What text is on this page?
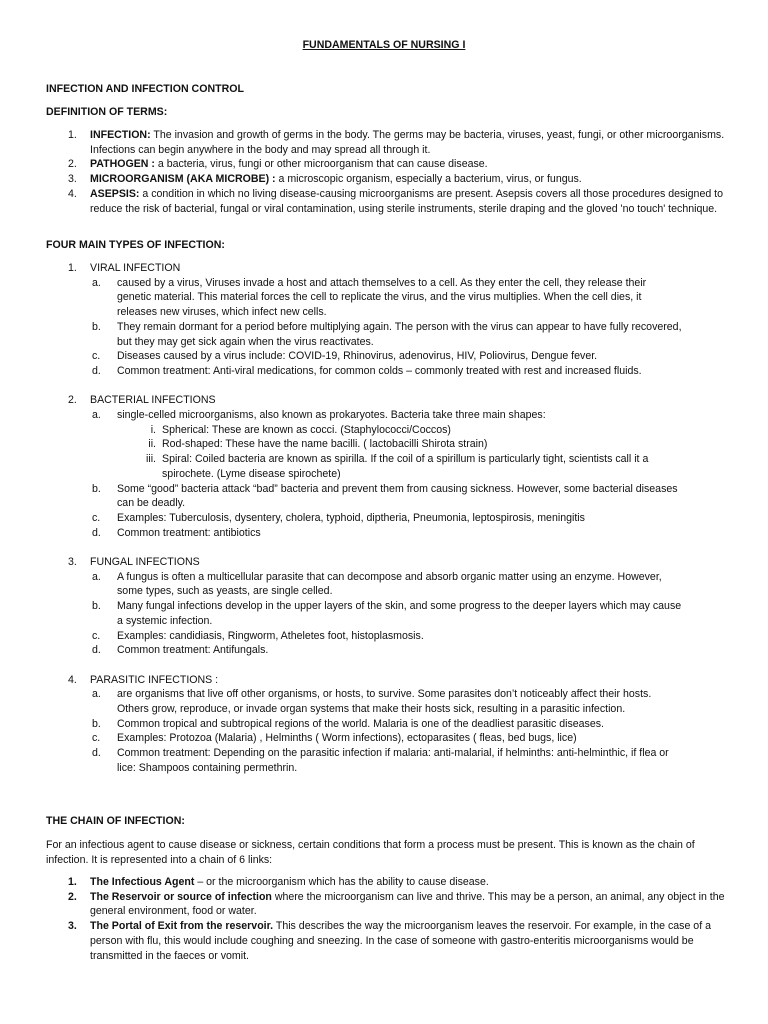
FUNDAMENTALS OF NURSING I
INFECTION AND INFECTION CONTROL
DEFINITION OF TERMS:
1. INFECTION: The invasion and growth of germs in the body. The germs may be bacteria, viruses, yeast, fungi, or other microorganisms. Infections can begin anywhere in the body and may spread all through it.
2. PATHOGEN : a bacteria, virus, fungi or other microorganism that can cause disease.
3. MICROORGANISM (AKA MICROBE) : a microscopic organism, especially a bacterium, virus, or fungus.
4. ASEPSIS: a condition in which no living disease-causing microorganisms are present. Asepsis covers all those procedures designed to reduce the risk of bacterial, fungal or viral contamination, using sterile instruments, sterile draping and the gloved 'no touch' technique.
FOUR MAIN TYPES OF INFECTION:
1. VIRAL INFECTION
a. caused by a virus, Viruses invade a host and attach themselves to a cell. As they enter the cell, they release their genetic material. This material forces the cell to replicate the virus, and the virus multiplies. When the cell dies, it releases new viruses, which infect new cells.
b. They remain dormant for a period before multiplying again. The person with the virus can appear to have fully recovered, but they may get sick again when the virus reactivates.
c. Diseases caused by a virus include: COVID-19, Rhinovirus, adenovirus, HIV, Poliovirus, Dengue fever.
d. Common treatment: Anti-viral medications, for common colds – commonly treated with rest and increased fluids.
2. BACTERIAL INFECTIONS
a. single-celled microorganisms, also known as prokaryotes. Bacteria take three main shapes:
i. Spherical: These are known as cocci. (Staphylococci/Coccos)
ii. Rod-shaped: These have the name bacilli. ( lactobacilli Shirota strain)
iii. Spiral: Coiled bacteria are known as spirilla. If the coil of a spirillum is particularly tight, scientists call it a spirochete. (Lyme disease spirochete)
b. Some “good” bacteria attack “bad” bacteria and prevent them from causing sickness. However, some bacterial diseases can be deadly.
c. Examples: Tuberculosis, dysentery, cholera, typhoid, diptheria, Pneumonia, leptospirosis, meningitis
d. Common treatment: antibiotics
3. FUNGAL INFECTIONS
a. A fungus is often a multicellular parasite that can decompose and absorb organic matter using an enzyme. However, some types, such as yeasts, are single celled.
b. Many fungal infections develop in the upper layers of the skin, and some progress to the deeper layers which may cause a systemic infection.
c. Examples: candidiasis, Ringworm, Atheletes foot, histoplasmosis.
d. Common treatment: Antifungals.
4. PARASITIC INFECTIONS :
a. are organisms that live off other organisms, or hosts, to survive. Some parasites don’t noticeably affect their hosts. Others grow, reproduce, or invade organ systems that make their hosts sick, resulting in a parasitic infection.
b. Common tropical and subtropical regions of the world. Malaria is one of the deadliest parasitic diseases.
c. Examples: Protozoa (Malaria) , Helminths ( Worm infections), ectoparasites ( fleas, bed bugs, lice)
d. Common treatment: Depending on the parasitic infection if malaria: anti-malarial, if helminths: anti-helminthic, if flea or lice: Shampoos containing permethrin.
THE CHAIN OF INFECTION:
For an infectious agent to cause disease or sickness, certain conditions that form a process must be present. This is known as the chain of infection. It is represented into a chain of 6 links:
1. The Infectious Agent – or the microorganism which has the ability to cause disease.
2. The Reservoir or source of infection where the microorganism can live and thrive. This may be a person, an animal, any object in the general environment, food or water.
3. The Portal of Exit from the reservoir. This describes the way the microorganism leaves the reservoir. For example, in the case of a person with flu, this would include coughing and sneezing. In the case of someone with gastro-enteritis microorganisms would be transmitted in the faeces or vomit.
